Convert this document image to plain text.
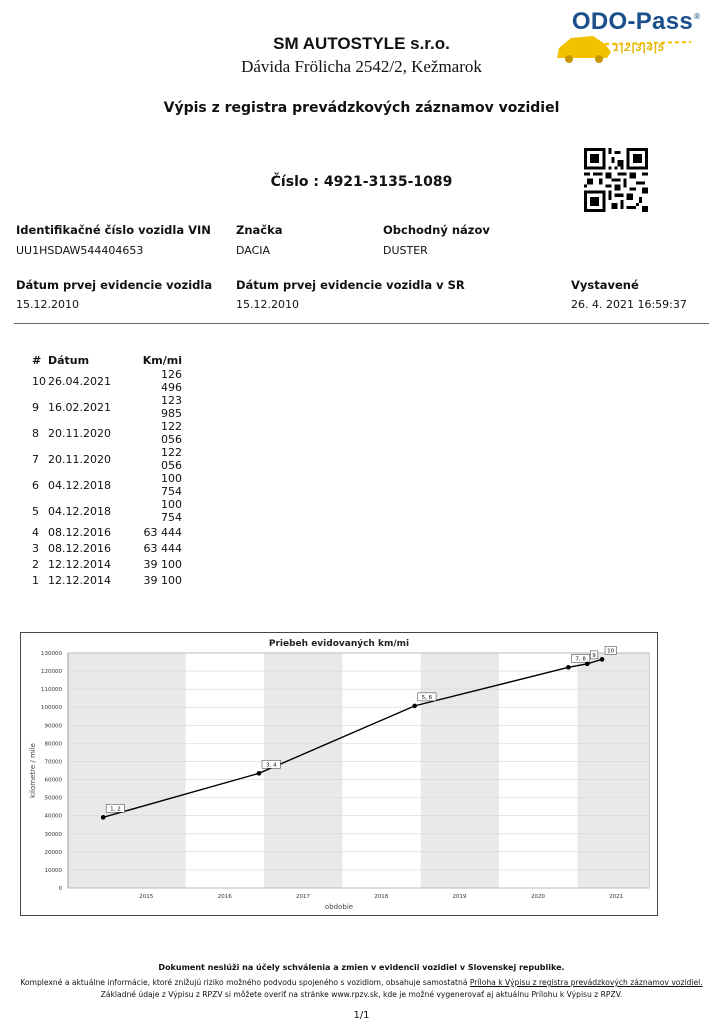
SM AUTOSTYLE s.r.o.
Dávida Frölicha 2542/2, Kežmarok
ODO-Pass ®
1|2|3|4|5
Výpis z registra prevádzkových záznamov vozidiel
Číslo : 4921-3135-1089
Identifikačné číslo vozidla VIN
UU1HSDAW544404653
Značka
DACIA
Obchodný názov
DUSTER
Dátum prvej evidencie vozidla
15.12.2010
Dátum prvej evidencie vozidla v SR
15.12.2010
Vystavené
26. 4. 2021 16:59:37
#	Dátum	Km/mi
10	26.04.2021	126 496
9	16.02.2021	123 985
8	20.11.2020	122 056
7	20.11.2020	122 056
6	04.12.2018	100 754
5	04.12.2018	100 754
4	08.12.2016	63 444
3	08.12.2016	63 444
2	12.12.2014	39 100
1	12.12.2014	39 100
Priebeh evidovaných km/mi
0
10000
20000
30000
40000
50000
60000
70000
80000
90000
100000
110000
120000
130000
2015	2016	2017	2018	2019	2020	2021
obdobie
kilometre / míle
1, 2
3, 4
5, 6
7, 8
9
10
Dokument neslúži na účely schválenia a zmien v evidencii vozidiel v Slovenskej republike.
Komplexné a aktuálne informácie, ktoré znižujú riziko možného podvodu spojeného s vozidlom, obsahuje samostatná Príloha k Výpisu z registra prevádzkových záznamov vozidiel.
Základné údaje z Výpisu z RPZV si môžete overiť na stránke www.rpzv.sk, kde je možné vygenerovať aj aktuálnu Prílohu k Výpisu z RPZV.
1/1
